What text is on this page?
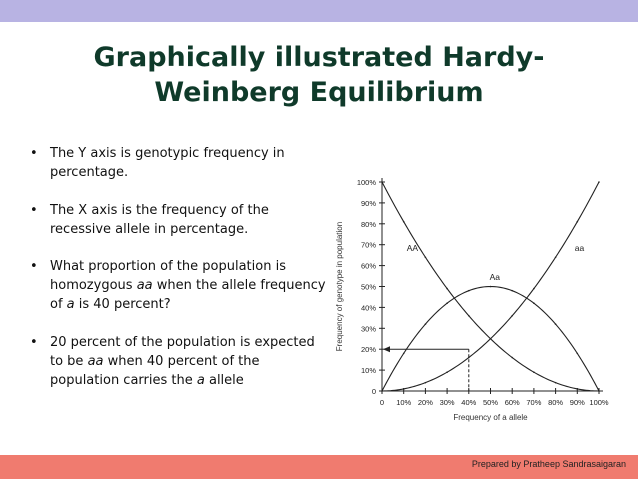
Graphically illustrated Hardy-
Weinberg Equilibrium
• The Y axis is genotypic frequency in percentage.
• The X axis is the frequency of the recessive allele in percentage.
• What proportion of the population is homozygous aa when the allele frequency of a is 40 percent?
• 20 percent of the population is expected to be aa when 40 percent of the population carries the a allele
0
10%
20%
30%
40%
50%
60%
70%
80%
90%
100%
0 10% 20% 30% 40% 50% 60% 70% 80% 90% 100%
AA
Aa
aa
Frequency of genotype in population
Frequency of a allele
Prepared by Pratheep Sandrasaigaran
